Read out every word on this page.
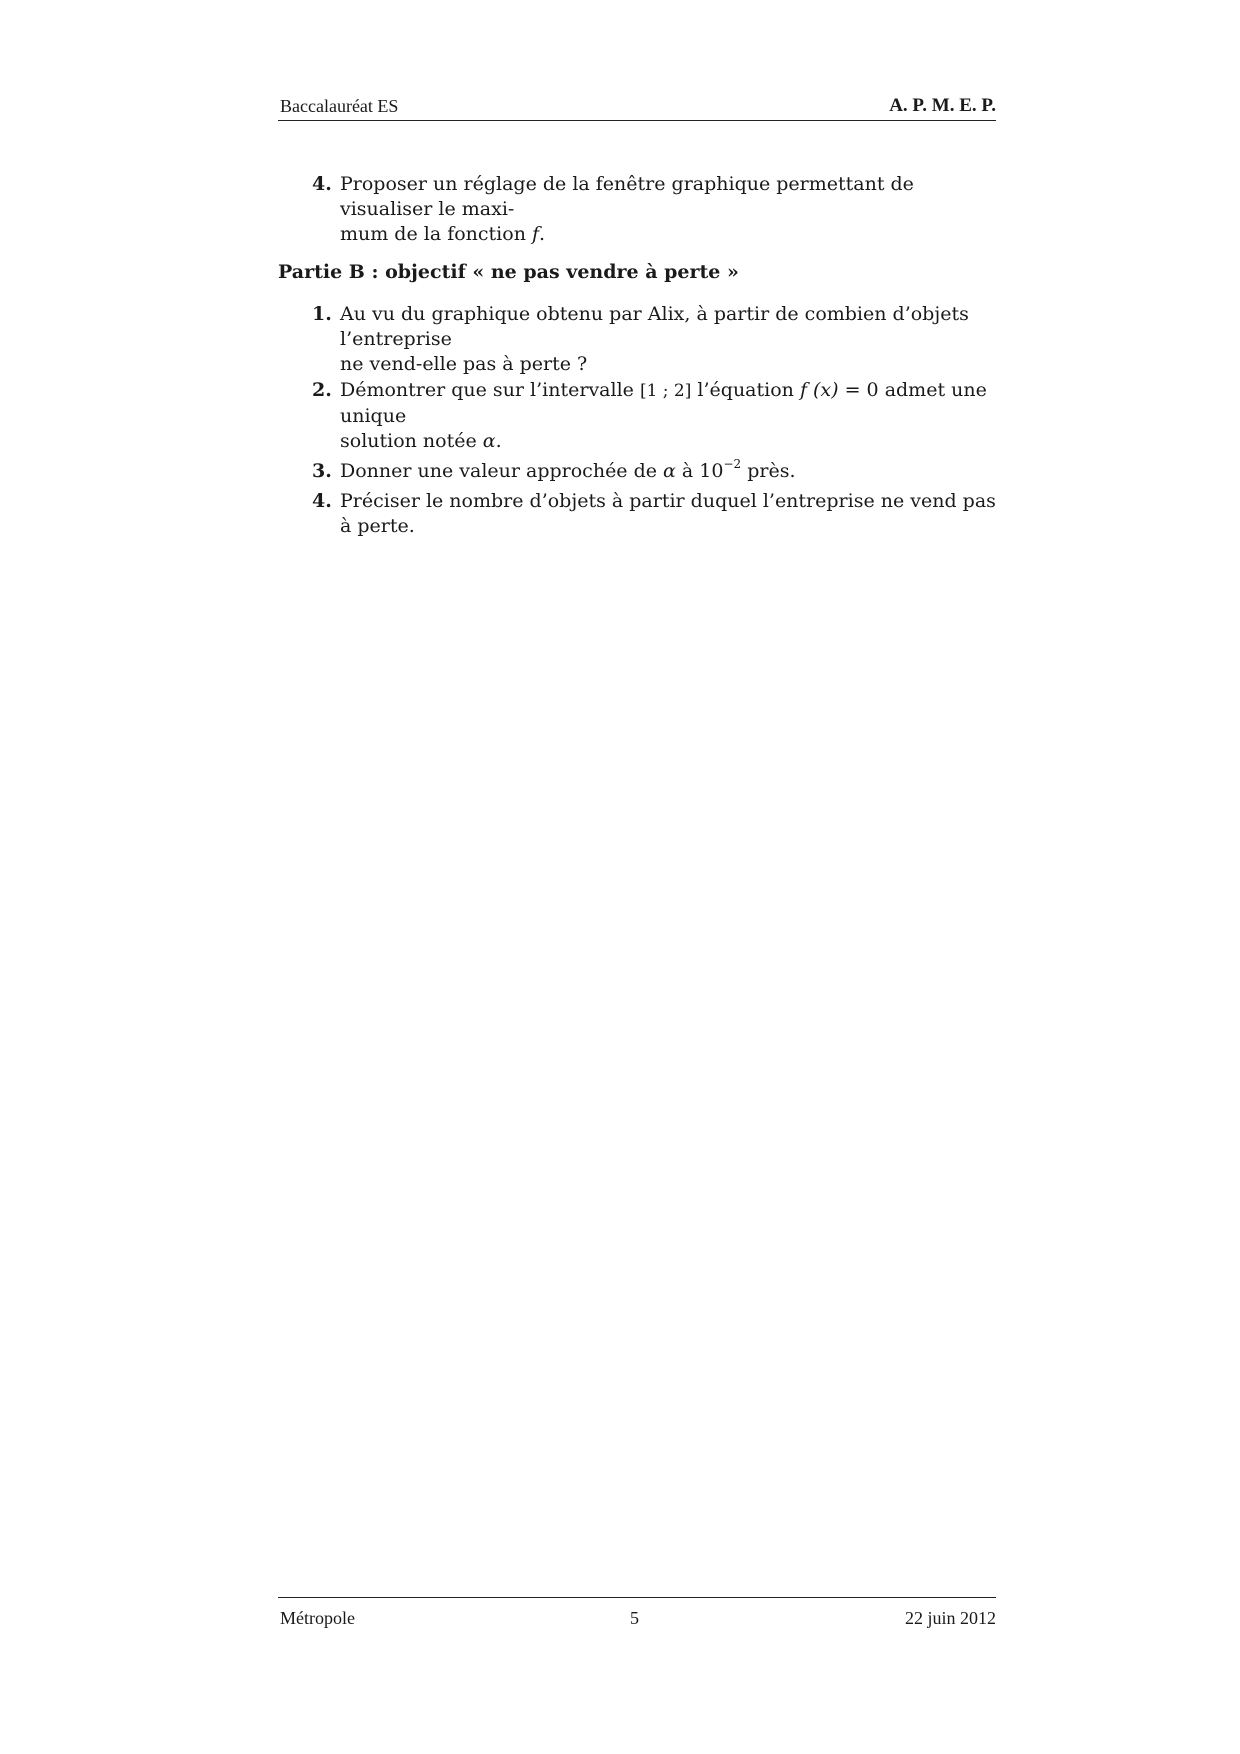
Baccalauréat ES	A. P. M. E. P.
4. Proposer un réglage de la fenêtre graphique permettant de visualiser le maxi-
mum de la fonction f.
Partie B : objectif « ne pas vendre à perte »
1. Au vu du graphique obtenu par Alix, à partir de combien d’objets l’entreprise
ne vend-elle pas à perte ?
2. Démontrer que sur l’intervalle [1 ; 2] l’équation f (x) = 0 admet une unique
solution notée α.
3. Donner une valeur approchée de α à $10^{-2}$ près.
4. Préciser le nombre d’objets à partir duquel l’entreprise ne vend pas à perte.
Métropole	5	22 juin 2012
